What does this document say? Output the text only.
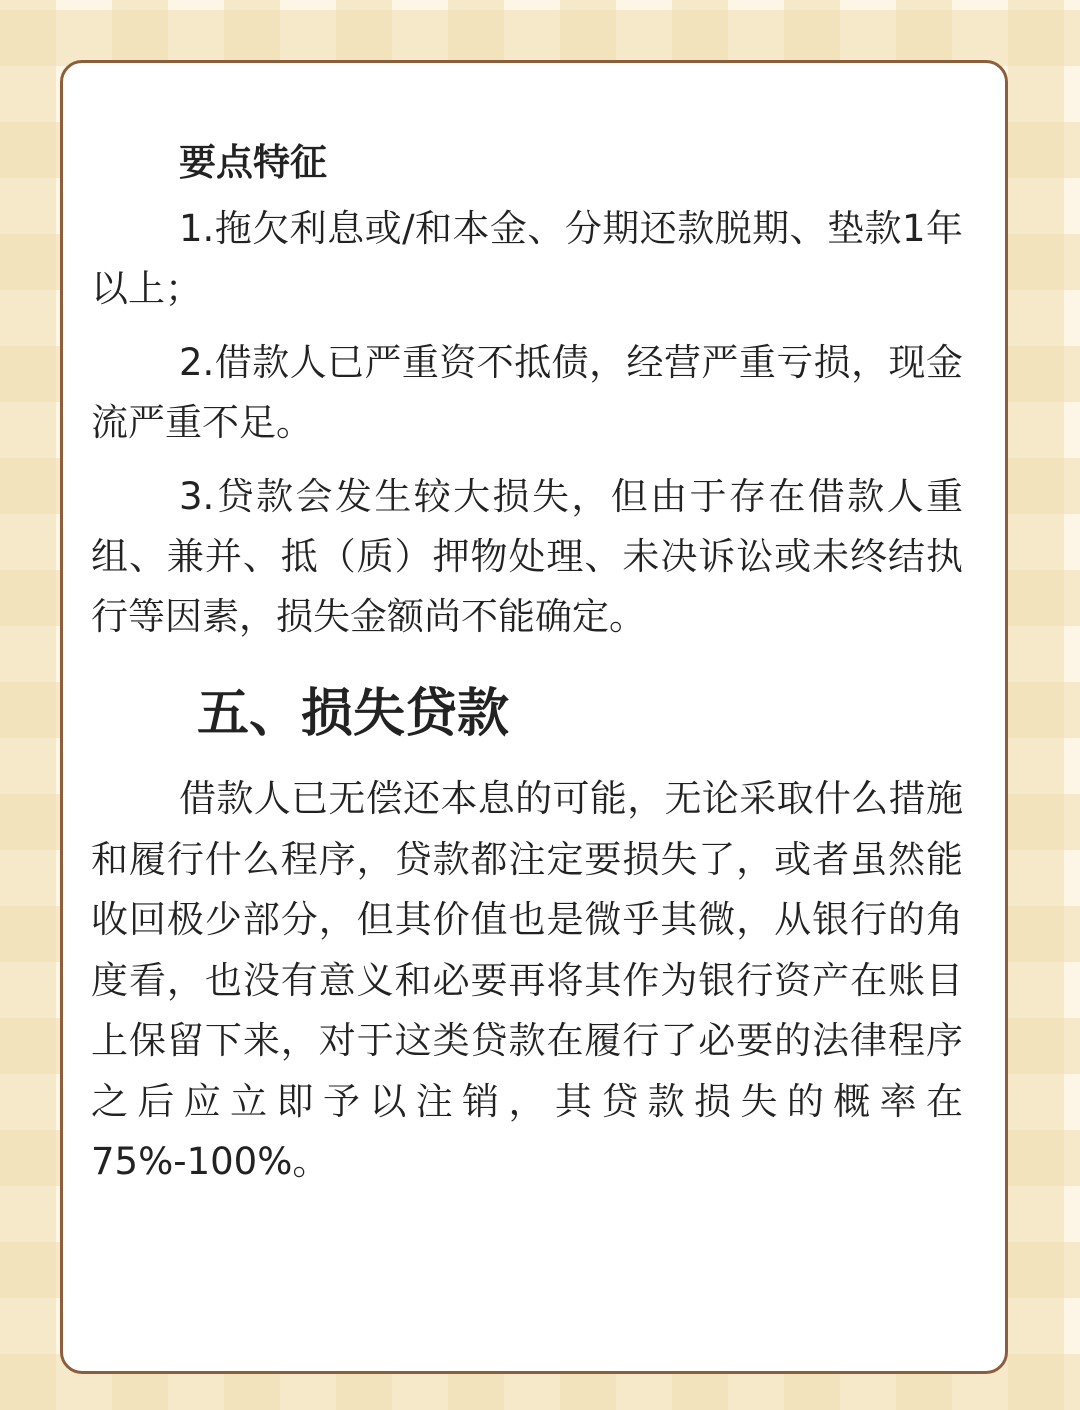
要点特征

1.拖欠利息或/和本金、分期还款脱期、垫款1年以上；

2.借款人已严重资不抵债，经营严重亏损，现金流严重不足。

3.贷款会发生较大损失，但由于存在借款人重组、兼并、抵（质）押物处理、未决诉讼或未终结执行等因素，损失金额尚不能确定。

五、损失贷款

借款人已无偿还本息的可能，无论采取什么措施和履行什么程序，贷款都注定要损失了，或者虽然能收回极少部分，但其价值也是微乎其微，从银行的角度看，也没有意义和必要再将其作为银行资产在账目上保留下来，对于这类贷款在履行了必要的法律程序之后应立即予以注销，其贷款损失的概率在75%-100%。
